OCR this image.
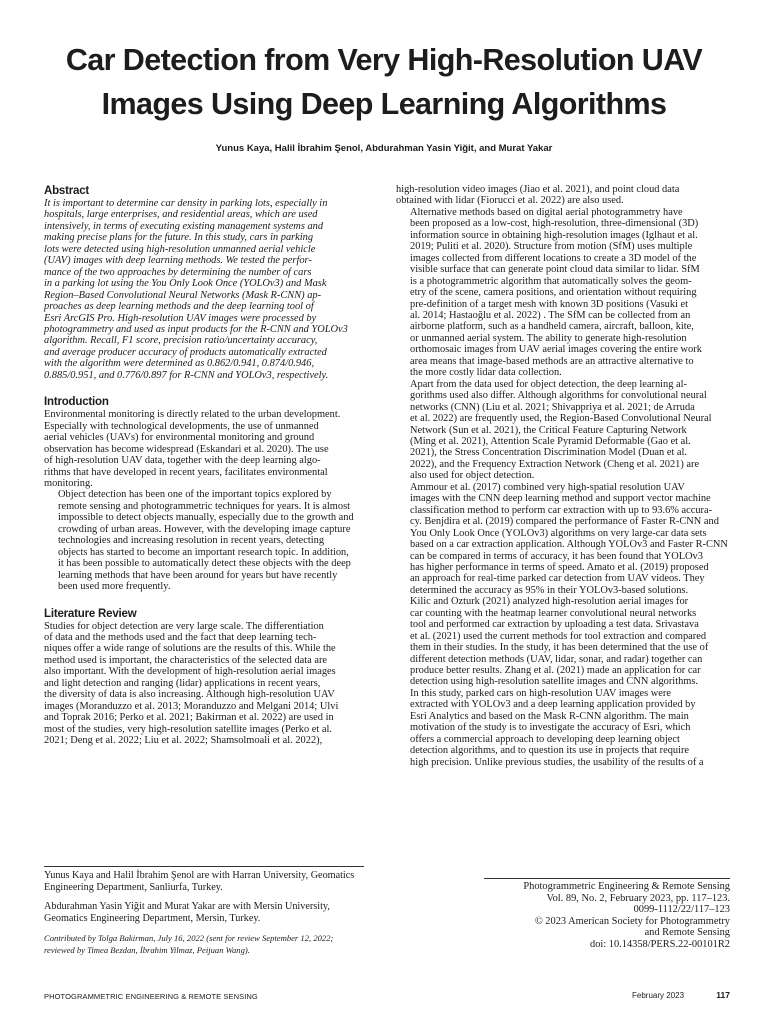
Car Detection from Very High-Resolution UAV
Images Using Deep Learning Algorithms
Yunus Kaya, Halil İbrahim Şenol, Abdurahman Yasin Yiğit, and Murat Yakar
Abstract
It is important to determine car density in parking lots, especially in
hospitals, large enterprises, and residential areas, which are used
intensively, in terms of executing existing management systems and
making precise plans for the future. In this study, cars in parking
lots were detected using high-resolution unmanned aerial vehicle
(UAV) images with deep learning methods. We tested the perfor-
mance of the two approaches by determining the number of cars
in a parking lot using the You Only Look Once (YOLOv3) and Mask
Region–Based Convolutional Neural Networks (Mask R-CNN) ap-
proaches as deep learning methods and the deep learning tool of
Esri ArcGIS Pro. High-resolution UAV images were processed by
photogrammetry and used as input products for the R-CNN and YOLOv3
algorithm. Recall, F1 score, precision ratio/uncertainty accuracy,
and average producer accuracy of products automatically extracted
with the algorithm were determined as 0.862/0.941, 0.874/0.946,
0.885/0.951, and 0.776/0.897 for R-CNN and YOLOv3, respectively.
Introduction

Environmental monitoring is directly related to the urban development.
Especially with technological developments, the use of unmanned
aerial vehicles (UAVs) for environmental monitoring and ground
observation has become widespread (Eskandari et al. 2020). The use
of high-resolution UAV data, together with the deep learning algo-
rithms that have developed in recent years, facilitates environmental
monitoring.

Object detection has been one of the important topics explored by
remote sensing and photogrammetric techniques for years. It is almost
impossible to detect objects manually, especially due to the growth and
crowding of urban areas. However, with the developing image capture
technologies and increasing resolution in recent years, detecting
objects has started to become an important research topic. In addition,
it has been possible to automatically detect these objects with the deep
learning methods that have been around for years but have recently
been used more frequently.

Literature Review

Studies for object detection are very large scale. The differentiation
of data and the methods used and the fact that deep learning tech-
niques offer a wide range of solutions are the results of this. While the
method used is important, the characteristics of the selected data are
also important. With the development of high-resolution aerial images
and light detection and ranging (lidar) applications in recent years,
the diversity of data is also increasing. Although high-resolution UAV
images (Moranduzzo et al. 2013; Moranduzzo and Melgani 2014; Ulvi
and Toprak 2016; Perko et al. 2021; Bakirman et al. 2022) are used in
most of the studies, very high-resolution satellite images (Perko et al.
2021; Deng et al. 2022; Liu et al. 2022; Shamsolmoali et al. 2022),

high-resolution video images (Jiao et al. 2021), and point cloud data
obtained with lidar (Fiorucci et al. 2022) are also used.

Alternative methods based on digital aerial photogrammetry have
been proposed as a low-cost, high-resolution, three-dimensional (3D)
information source in obtaining high-resolution images (Iglhaut et al.
2019; Puliti et al. 2020). Structure from motion (SfM) uses multiple
images collected from different locations to create a 3D model of the
visible surface that can generate point cloud data similar to lidar. SfM
is a photogrammetric algorithm that automatically solves the geom-
etry of the scene, camera positions, and orientation without requiring
pre-definition of a target mesh with known 3D positions (Vasuki et
al. 2014; Hastaoğlu et al. 2022) . The SfM can be collected from an
airborne platform, such as a handheld camera, aircraft, balloon, kite,
or unmanned aerial system. The ability to generate high-resolution
orthomosaic images from UAV aerial images covering the entire work
area means that image-based methods are an attractive alternative to
the more costly lidar data collection.

Apart from the data used for object detection, the deep learning al-
gorithms used also differ. Although algorithms for convolutional neural
networks (CNN) (Liu et al. 2021; Shivappriya et al. 2021; de Arruda
et al. 2022) are frequently used, the Region-Based Convolutional Neural
Network (Sun et al. 2021), the Critical Feature Capturing Network
(Ming et al. 2021), Attention Scale Pyramid Deformable (Gao et al.
2021), the Stress Concentration Discrimination Model (Duan et al.
2022), and the Frequency Extraction Network (Cheng et al. 2021) are
also used for object detection.

Ammour et al. (2017) combined very high-spatial resolution UAV
images with the CNN deep learning method and support vector machine
classification method to perform car extraction with up to 93.6% accura-
cy. Benjdira et al. (2019) compared the performance of Faster R-CNN and
You Only Look Once (YOLOv3) algorithms on very large-car data sets
based on a car extraction application. Although YOLOv3 and Faster R-CNN
can be compared in terms of accuracy, it has been found that YOLOv3
has higher performance in terms of speed. Amato et al. (2019) proposed
an approach for real-time parked car detection from UAV videos. They
determined the accuracy as 95% in their YOLOv3-based solutions.

Kilic and Ozturk (2021) analyzed high-resolution aerial images for
car counting with the heatmap learner convolutional neural networks
tool and performed car extraction by uploading a test data. Srivastava
et al. (2021) used the current methods for tool extraction and compared
them in their studies. In the study, it has been determined that the use of
different detection methods (UAV, lidar, sonar, and radar) together can
produce better results. Zhang et al. (2021) made an application for car
detection using high-resolution satellite images and CNN algorithms.

In this study, parked cars on high-resolution UAV images were
extracted with YOLOv3 and a deep learning application provided by
Esri Analytics and based on the Mask R-CNN algorithm. The main
motivation of the study is to investigate the accuracy of Esri, which
offers a commercial approach to developing deep learning object
detection algorithms, and to question its use in projects that require
high precision. Unlike previous studies, the usability of the results of a

Yunus Kaya and Halil İbrahim Şenol are with Harran University, Geomatics Engineering Department, Sanliurfa, Turkey.

Abdurahman Yasin Yiğit and Murat Yakar are with Mersin University, Geomatics Engineering Department, Mersin, Turkey.

Contributed by Tolga Bakirman, July 16, 2022 (sent for review September 12, 2022; reviewed by Timea Bezdan, İbrahim Yilmaz, Peijuan Wang).

Photogrammetric Engineering & Remote Sensing
Vol. 89, No. 2, February 2023, pp. 117–123.
0099-1112/22/117–123
© 2023 American Society for Photogrammetry
and Remote Sensing
doi: 10.14358/PERS.22-00101R2
PHOTOGRAMMETRIC ENGINEERING & REMOTE SENSING	February 2023	117
